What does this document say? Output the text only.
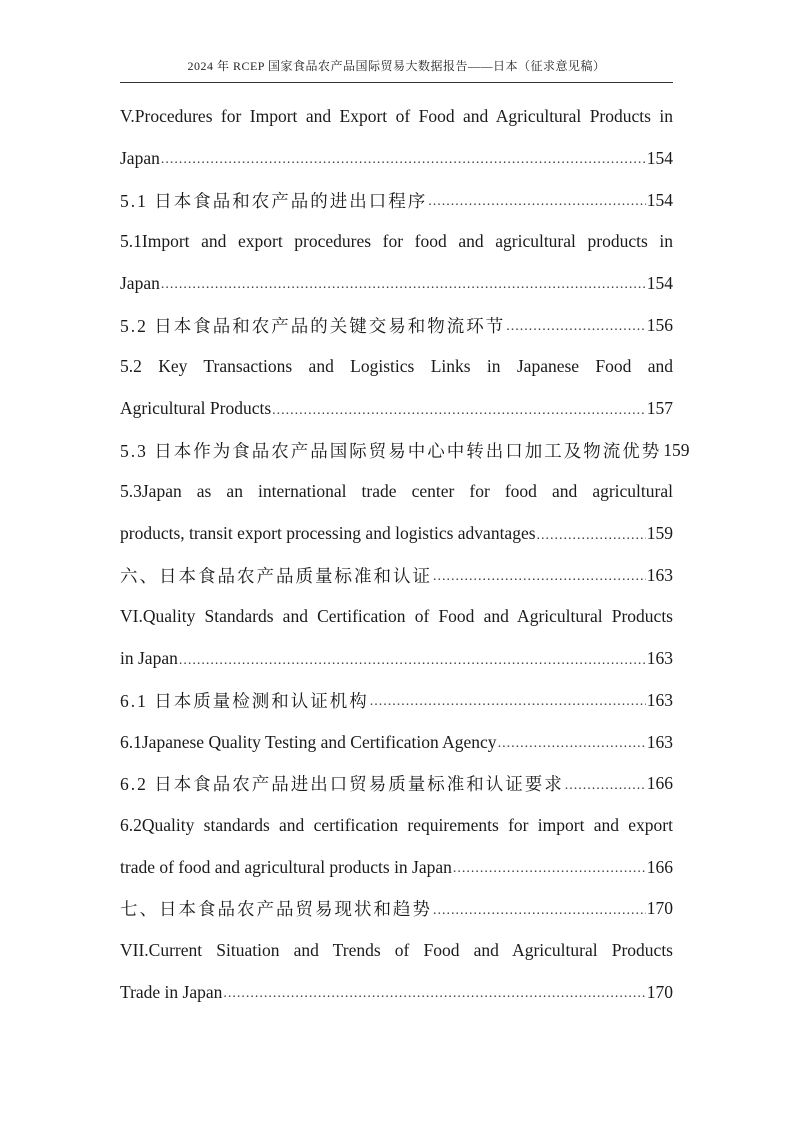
2024 年 RCEP 国家食品农产品国际贸易大数据报告——日本（征求意见稿）
V.Procedures for Import and Export of Food and Agricultural Products in
Japan .....	154
5.1 日本食品和农产品的进出口程序 .....	154
5.1Import and export procedures for food and agricultural products in
Japan .....	154
5.2 日本食品和农产品的关键交易和物流环节 .....	156
5.2 Key Transactions and Logistics Links in Japanese Food and
Agricultural Products .....	157
5.3 日本作为食品农产品国际贸易中心中转出口加工及物流优势 159
5.3Japan as an international trade center for food and agricultural
products, transit export processing and logistics advantages .....	159
六、日本食品农产品质量标准和认证 .....	163
VI.Quality Standards and Certification of Food and Agricultural Products
in Japan .....	163
6.1 日本质量检测和认证机构 .....	163
6.1Japanese Quality Testing and Certification Agency .....	163
6.2 日本食品农产品进出口贸易质量标准和认证要求 .....	166
6.2Quality standards and certification requirements for import and export
trade of food and agricultural products in Japan .....	166
七、日本食品农产品贸易现状和趋势 .....	170
VII.Current Situation and Trends of Food and Agricultural Products
Trade in Japan .....	170
